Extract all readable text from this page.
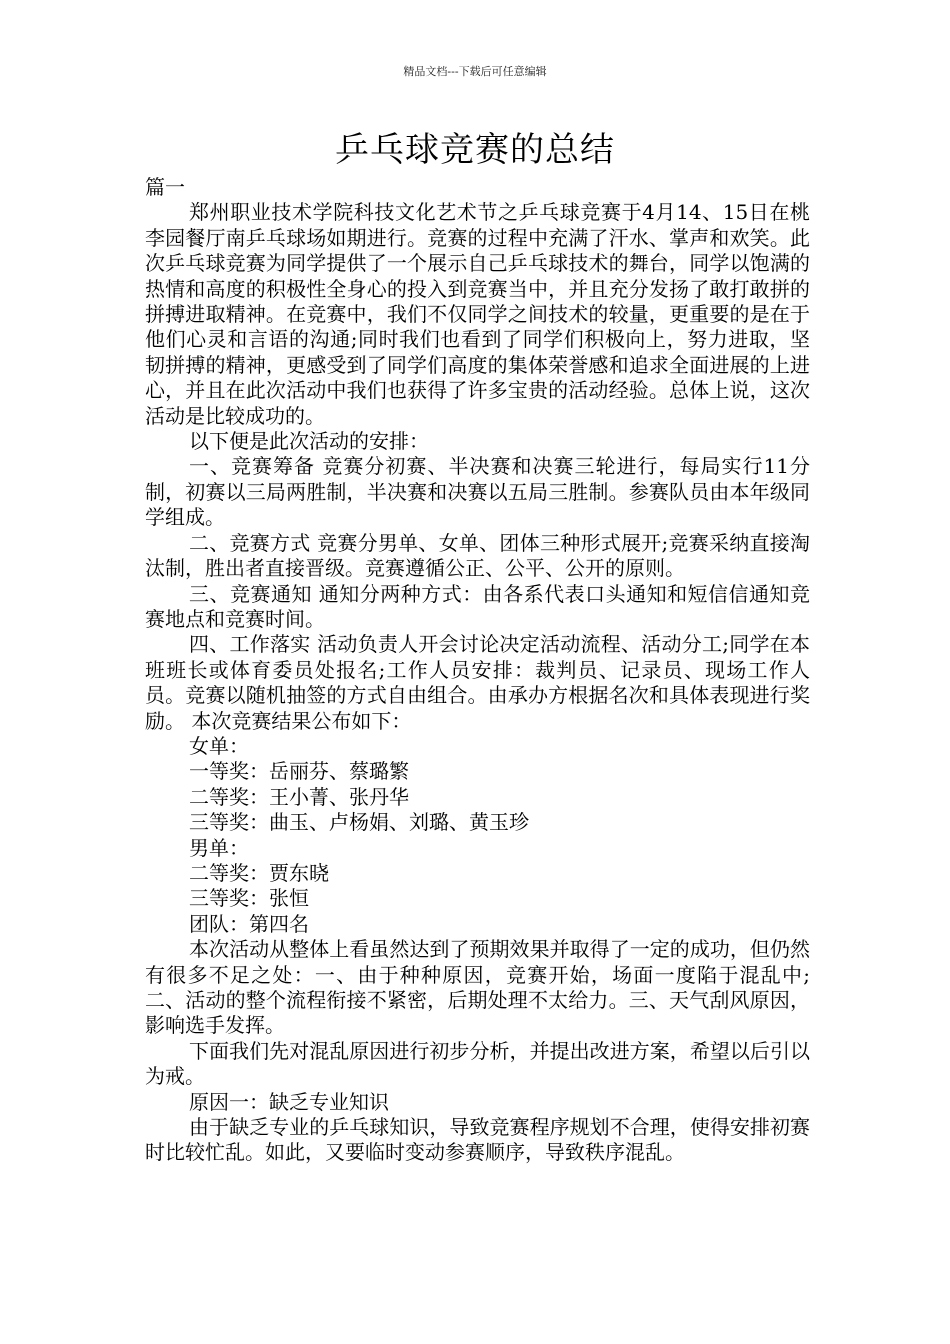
精品文档---下载后可任意编辑
乒乓球竞赛的总结

篇一

郑州职业技术学院科技文化艺术节之乒乓球竞赛于4月14、15日在桃李园餐厅南乒乓球场如期进行。竞赛的过程中充满了汗水、掌声和欢笑。此次乒乓球竞赛为同学提供了一个展示自己乒乓球技术的舞台，同学以饱满的热情和高度的积极性全身心的投入到竞赛当中，并且充分发扬了敢打敢拼的拼搏进取精神。在竞赛中，我们不仅同学之间技术的较量，更重要的是在于他们心灵和言语的沟通;同时我们也看到了同学们积极向上，努力进取，坚韧拼搏的精神，更感受到了同学们高度的集体荣誉感和追求全面进展的上进心，并且在此次活动中我们也获得了许多宝贵的活动经验。总体上说，这次活动是比较成功的。

以下便是此次活动的安排：

一、竞赛筹备 竞赛分初赛、半决赛和决赛三轮进行，每局实行11分制，初赛以三局两胜制，半决赛和决赛以五局三胜制。参赛队员由本年级同学组成。

二、竞赛方式 竞赛分男单、女单、团体三种形式展开;竞赛采纳直接淘汰制，胜出者直接晋级。竞赛遵循公正、公平、公开的原则。

三、竞赛通知 通知分两种方式：由各系代表口头通知和短信信通知竞赛地点和竞赛时间。

四、工作落实 活动负责人开会讨论决定活动流程、活动分工;同学在本班班长或体育委员处报名;工作人员安排：裁判员、记录员、现场工作人员。竞赛以随机抽签的方式自由组合。由承办方根据名次和具体表现进行奖励。 本次竞赛结果公布如下：

女单：

一等奖：岳丽芬、蔡璐繁

二等奖：王小菁、张丹华

三等奖：曲玉、卢杨娟、刘璐、黄玉珍

男单：

二等奖：贾东晓

三等奖：张恒

团队：第四名

本次活动从整体上看虽然达到了预期效果并取得了一定的成功，但仍然有很多不足之处：一、由于种种原因，竞赛开始，场面一度陷于混乱中;二、活动的整个流程衔接不紧密，后期处理不太给力。三、天气刮风原因，影响选手发挥。

下面我们先对混乱原因进行初步分析，并提出改进方案，希望以后引以为戒。

原因一：缺乏专业知识

由于缺乏专业的乒乓球知识，导致竞赛程序规划不合理，使得安排初赛时比较忙乱。如此，又要临时变动参赛顺序，导致秩序混乱。
